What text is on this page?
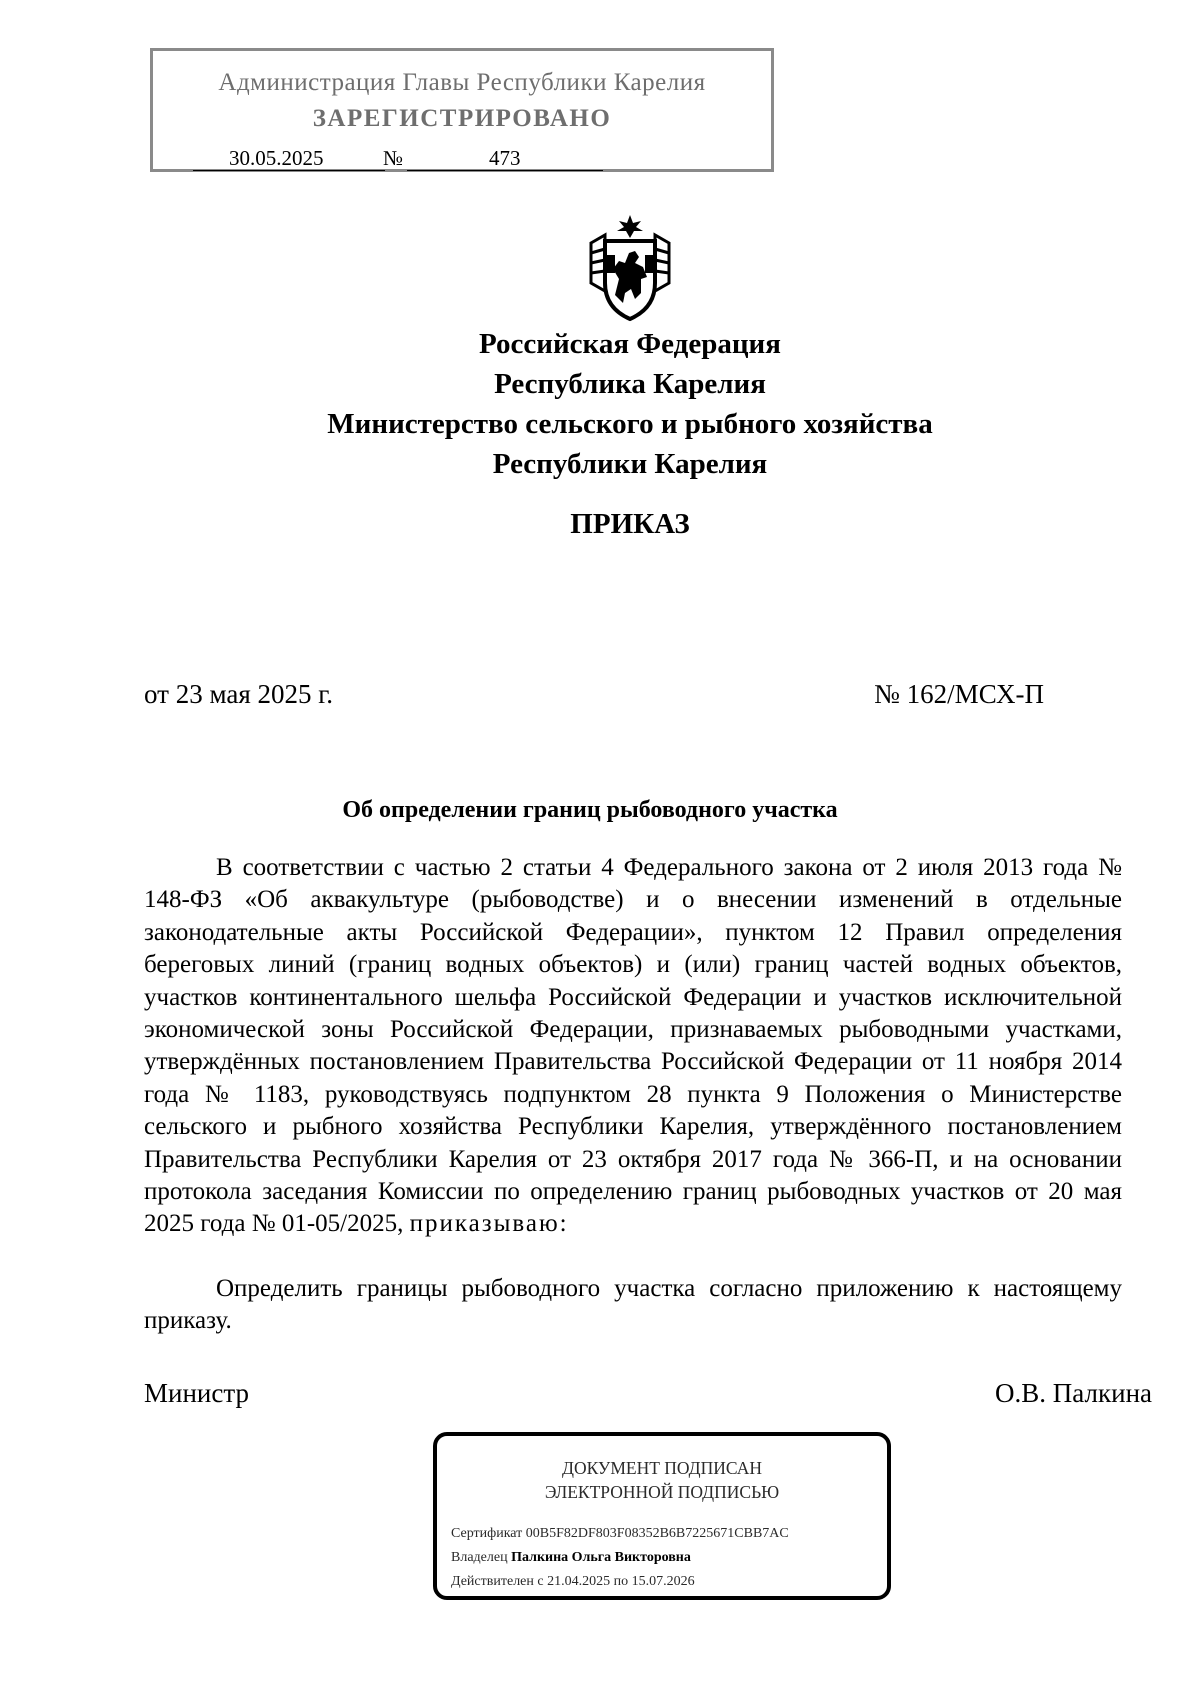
Администрация Главы Республики Карелия
ЗАРЕГИСТРИРОВАНО
30.05.2025	№	473
Российская Федерация
Республика Карелия
Министерство сельского и рыбного хозяйства
Республики Карелия
ПРИКАЗ
от 23 мая 2025 г.	№ 162/МСХ-П
Об определении границ рыбоводного участка
В соответствии с частью 2 статьи 4 Федерального закона от 2 июля 2013 года № 148-ФЗ «Об аквакультуре (рыбоводстве) и о внесении изменений в отдельные законодательные акты Российской Федерации», пунктом 12 Правил определения береговых линий (границ водных объектов) и (или) границ частей водных объектов, участков континентального шельфа Российской Федерации и участков исключительной экономической зоны Российской Федерации, признаваемых рыбоводными участками, утверждённых постановлением Правительства Российской Федерации от 11 ноября 2014 года № 1183, руководствуясь подпунктом 28 пункта 9 Положения о Министерстве сельского и рыбного хозяйства Республики Карелия, утверждённого постановлением Правительства Республики Карелия от 23 октября 2017 года № 366-П, и на основании протокола заседания Комиссии по определению границ рыбоводных участков от 20 мая 2025 года № 01-05/2025, приказываю:
Определить границы рыбоводного участка согласно приложению к настоящему приказу.
Министр	О.В. Палкина
ДОКУМЕНТ ПОДПИСАН
ЭЛЕКТРОННОЙ ПОДПИСЬЮ
Сертификат 00B5F82DF803F08352B6B7225671CBB7AC
Владелец Палкина Ольга Викторовна
Действителен с 21.04.2025 по 15.07.2026
